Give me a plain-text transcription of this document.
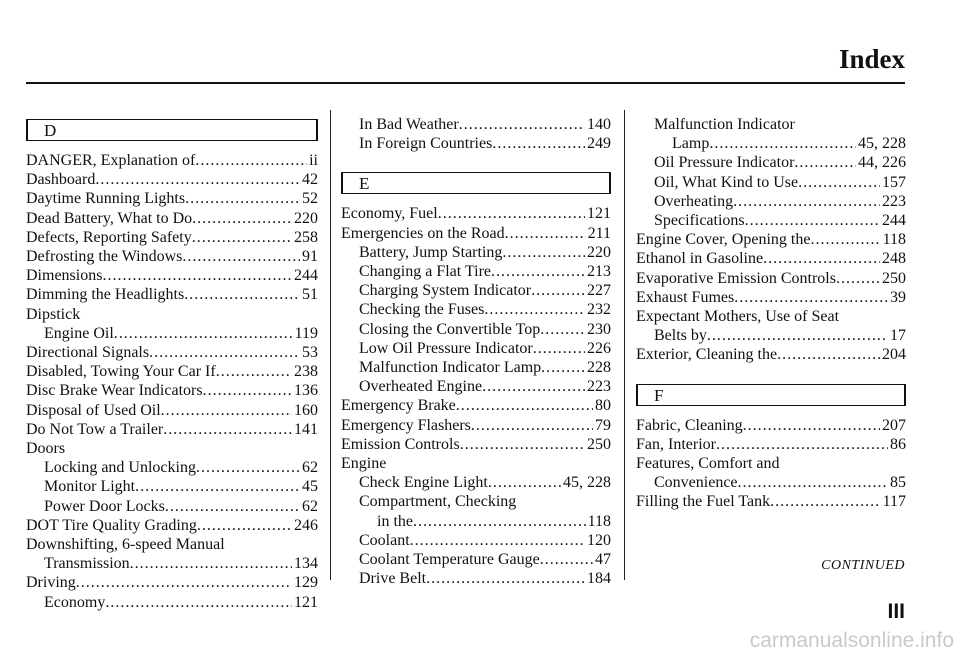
Index
D
DANGER, Explanation of .....	ii
Dashboard .....	42
Daytime Running Lights .....	52
Dead Battery, What to Do .....	220
Defects, Reporting Safety .....	258
Defrosting the Windows .....	91
Dimensions .....	244
Dimming the Headlights .....	51
Dipstick
Engine Oil .....	119
Directional Signals .....	53
Disabled, Towing Your Car If .....	238
Disc Brake Wear Indicators .....	136
Disposal of Used Oil .....	160
Do Not Tow a Trailer .....	141
Doors
Locking and Unlocking .....	62
Monitor Light .....	45
Power Door Locks .....	62
DOT Tire Quality Grading .....	246
Downshifting, 6-speed Manual
Transmission .....	134
Driving .....	129
Economy .....	121
In Bad Weather .....	140
In Foreign Countries .....	249
E
Economy, Fuel .....	121
Emergencies on the Road .....	211
Battery, Jump Starting .....	220
Changing a Flat Tire .....	213
Charging System Indicator .....	227
Checking the Fuses .....	232
Closing the Convertible Top .....	230
Low Oil Pressure Indicator .....	226
Malfunction Indicator Lamp .....	228
Overheated Engine .....	223
Emergency Brake .....	80
Emergency Flashers .....	79
Emission Controls .....	250
Engine
Check Engine Light .....	45, 228
Compartment, Checking
in the .....	118
Coolant .....	120
Coolant Temperature Gauge .....	47
Drive Belt .....	184
Malfunction Indicator
Lamp .....	45, 228
Oil Pressure Indicator .....	44, 226
Oil, What Kind to Use .....	157
Overheating .....	223
Specifications .....	244
Engine Cover, Opening the .....	118
Ethanol in Gasoline .....	248
Evaporative Emission Controls .....	250
Exhaust Fumes .....	39
Expectant Mothers, Use of Seat
Belts by .....	17
Exterior, Cleaning the .....	204
F
Fabric, Cleaning .....	207
Fan, Interior .....	86
Features, Comfort and
Convenience .....	85
Filling the Fuel Tank .....	117
CONTINUED
III
carmanualsonline.info
